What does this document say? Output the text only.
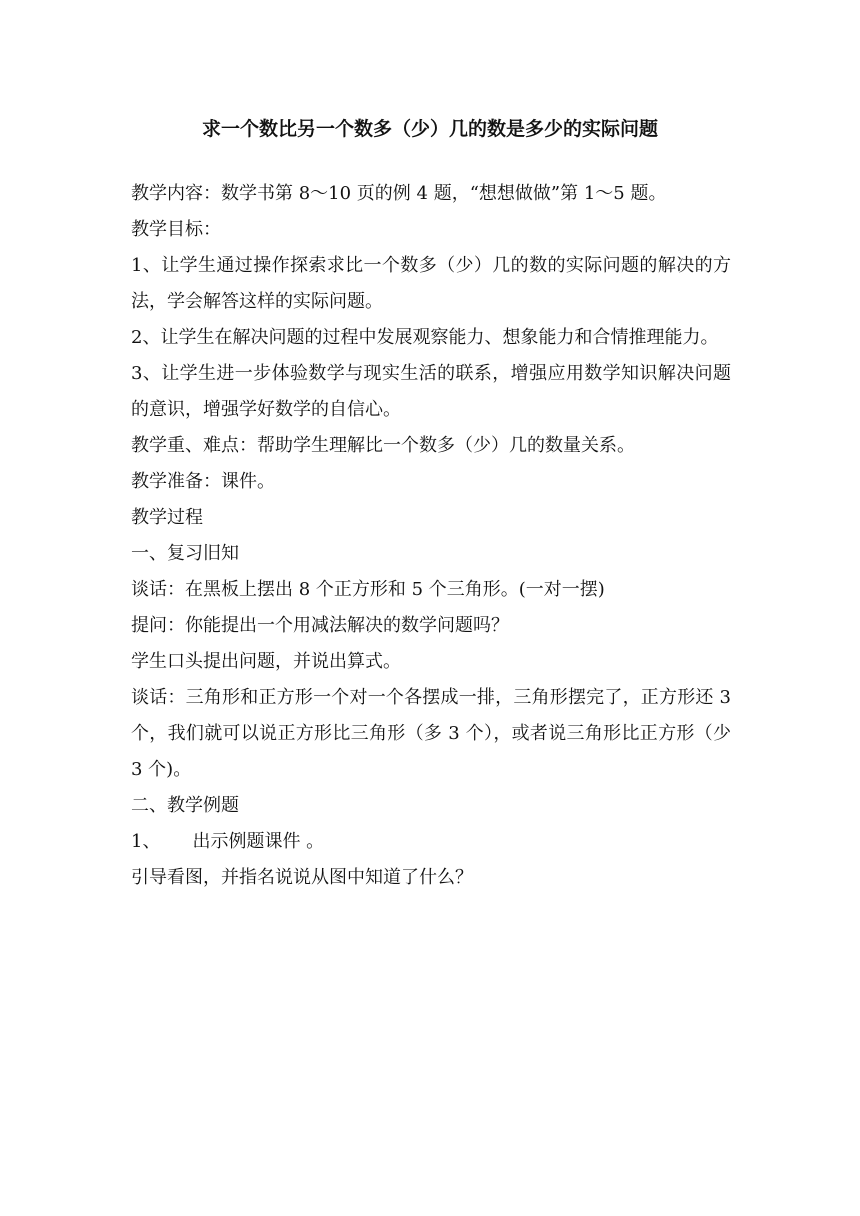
求一个数比另一个数多（少）几的数是多少的实际问题

教学内容：数学书第 8～10 页的例 4 题，“想想做做”第 1～5 题。

教学目标：

1、让学生通过操作探索求比一个数多（少）几的数的实际问题的解决的方法，学会解答这样的实际问题。

2、让学生在解决问题的过程中发展观察能力、想象能力和合情推理能力。

3、让学生进一步体验数学与现实生活的联系，增强应用数学知识解决问题的意识，增强学好数学的自信心。

教学重、难点：帮助学生理解比一个数多（少）几的数量关系。

教学准备：课件。

教学过程

一、复习旧知

谈话：在黑板上摆出 8 个正方形和 5 个三角形。(一对一摆)

提问：你能提出一个用减法解决的数学问题吗？

学生口头提出问题，并说出算式。

谈话：三角形和正方形一个对一个各摆成一排，三角形摆完了，正方形还 3 个，我们就可以说正方形比三角形（多 3 个），或者说三角形比正方形（少 3 个)。

二、教学例题

1、 出示例题课件 。

引导看图，并指名说说从图中知道了什么？
